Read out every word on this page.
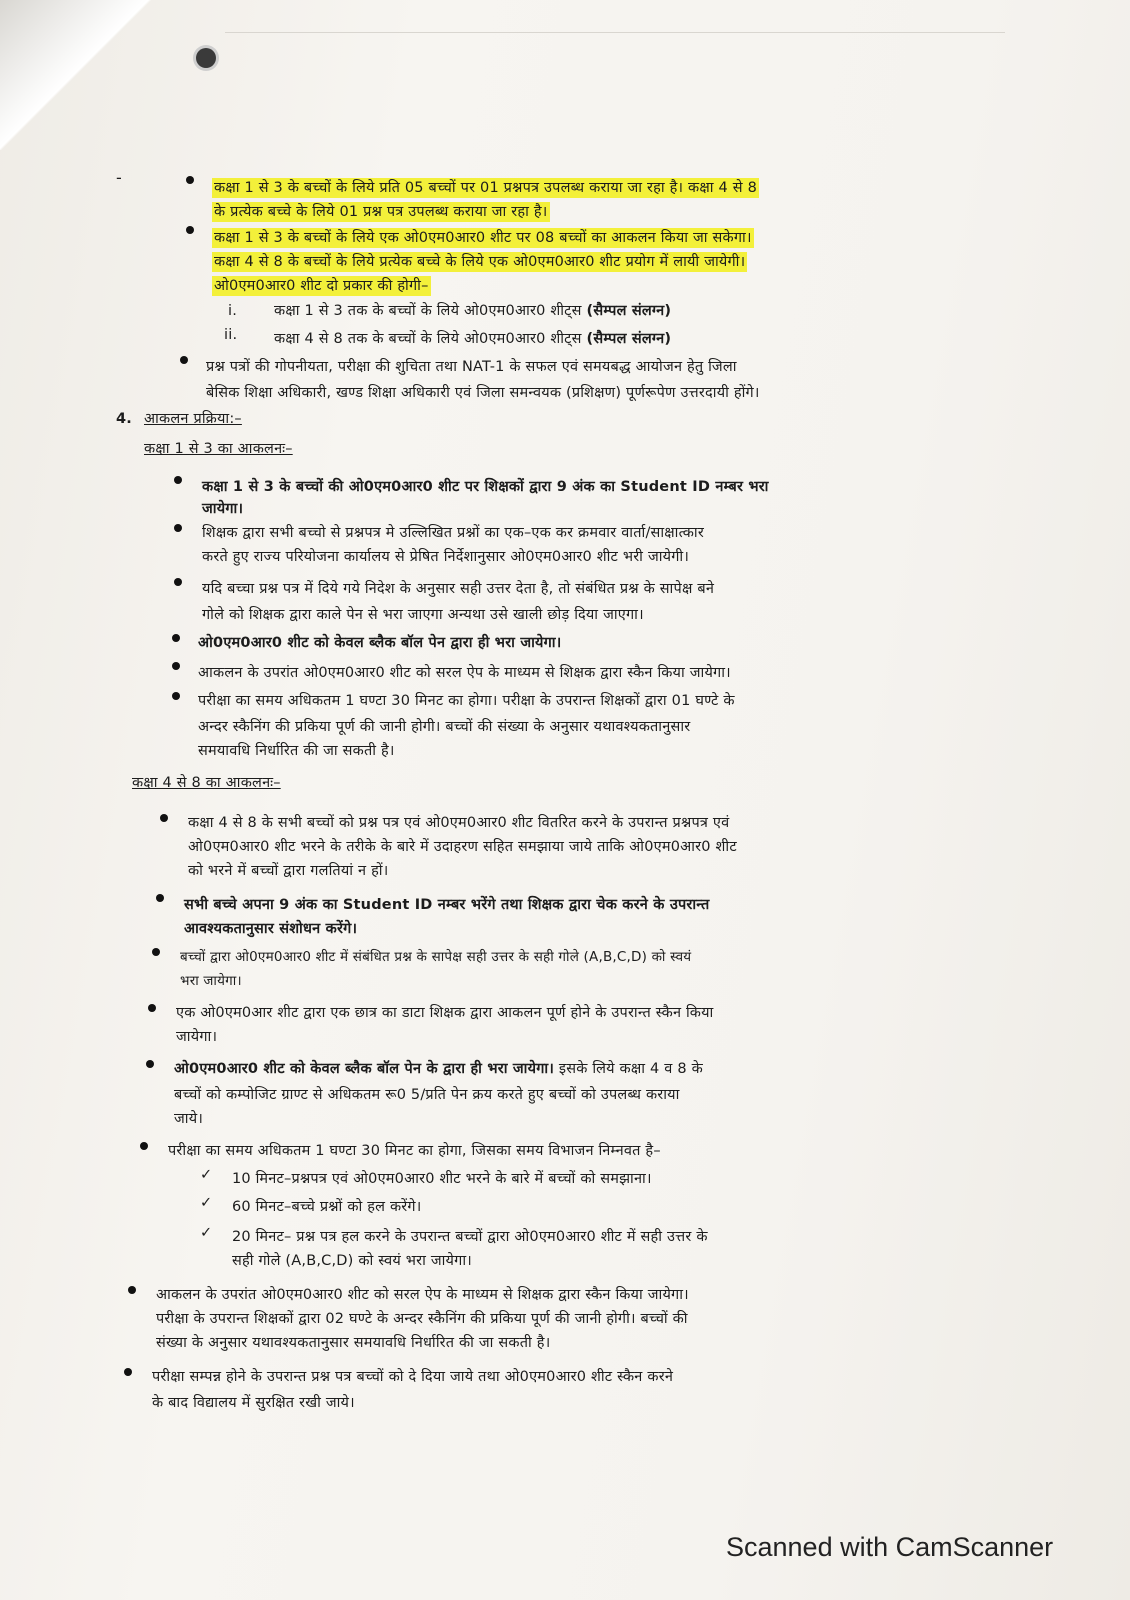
-
कक्षा 1 से 3 के बच्चों के लिये प्रति 05 बच्चों पर 01 प्रश्नपत्र उपलब्ध कराया जा रहा है। कक्षा 4 से 8
के प्रत्येक बच्चे के लिये 01 प्रश्न पत्र उपलब्ध कराया जा रहा है।
कक्षा 1 से 3 के बच्चों के लिये एक ओ0एम0आर0 शीट पर 08 बच्चों का आकलन किया जा सकेगा।
कक्षा 4 से 8 के बच्चों के लिये प्रत्येक बच्चे के लिये एक ओ0एम0आर0 शीट प्रयोग में लायी जायेगी।
ओ0एम0आर0 शीट दो प्रकार की होगी–
i.	कक्षा 1 से 3 तक के बच्चों के लिये ओ0एम0आर0 शीट्स (सैम्पल संलग्न)
ii.	कक्षा 4 से 8 तक के बच्चों के लिये ओ0एम0आर0 शीट्स (सैम्पल संलग्न)
प्रश्न पत्रों की गोपनीयता, परीक्षा की शुचिता तथा NAT-1 के सफल एवं समयबद्ध आयोजन हेतु जिला
बेसिक शिक्षा अधिकारी, खण्ड शिक्षा अधिकारी एवं जिला समन्वयक (प्रशिक्षण) पूर्णरूपेण उत्तरदायी होंगे।
4. आकलन प्रक्रिया:–
कक्षा 1 से 3 का आकलनः–
कक्षा 1 से 3 के बच्चों की ओ0एम0आर0 शीट पर शिक्षकों द्वारा 9 अंक का Student ID नम्बर भरा
जायेगा।
शिक्षक द्वारा सभी बच्चो से प्रश्नपत्र मे उल्लिखित प्रश्नों का एक–एक कर क्रमवार वार्ता/साक्षात्कार
करते हुए राज्य परियोजना कार्यालय से प्रेषित निर्देशानुसार ओ0एम0आर0 शीट भरी जायेगी।
यदि बच्चा प्रश्न पत्र में दिये गये निदेश के अनुसार सही उत्तर देता है, तो संबंधित प्रश्न के सापेक्ष बने
गोले को शिक्षक द्वारा काले पेन से भरा जाएगा अन्यथा उसे खाली छोड़ दिया जाएगा।
ओ0एम0आर0 शीट को केवल ब्लैक बॉल पेन द्वारा ही भरा जायेगा।
आकलन के उपरांत ओ0एम0आर0 शीट को सरल ऐप के माध्यम से शिक्षक द्वारा स्कैन किया जायेगा।
परीक्षा का समय अधिकतम 1 घण्टा 30 मिनट का होगा। परीक्षा के उपरान्त शिक्षकों द्वारा 01 घण्टे के
अन्दर स्कैनिंग की प्रकिया पूर्ण की जानी होगी। बच्चों की संख्या के अनुसार यथावश्यकतानुसार
समयावधि निर्धारित की जा सकती है।
कक्षा 4 से 8 का आकलनः–
कक्षा 4 से 8 के सभी बच्चों को प्रश्न पत्र एवं ओ0एम0आर0 शीट वितरित करने के उपरान्त प्रश्नपत्र एवं
ओ0एम0आर0 शीट भरने के तरीके के बारे में उदाहरण सहित समझाया जाये ताकि ओ0एम0आर0 शीट
को भरने में बच्चों द्वारा गलतियां न हों।
सभी बच्चे अपना 9 अंक का Student ID नम्बर भरेंगे तथा शिक्षक द्वारा चेक करने के उपरान्त
आवश्यकतानुसार संशोधन करेंगे।
बच्चों द्वारा ओ0एम0आर0 शीट में संबंधित प्रश्न के सापेक्ष सही उत्तर के सही गोले (A,B,C,D) को स्वयं
भरा जायेगा।
एक ओ0एम0आर शीट द्वारा एक छात्र का डाटा शिक्षक द्वारा आकलन पूर्ण होने के उपरान्त स्कैन किया
जायेगा।
ओ0एम0आर0 शीट को केवल ब्लैक बॉल पेन के द्वारा ही भरा जायेगा। इसके लिये कक्षा 4 व 8 के
बच्चों को कम्पोजिट ग्राण्ट से अधिकतम रू0 5/प्रति पेन क्रय करते हुए बच्चों को उपलब्ध कराया
जाये।
परीक्षा का समय अधिकतम 1 घण्टा 30 मिनट का होगा, जिसका समय विभाजन निम्नवत है–
✓ 10 मिनट–प्रश्नपत्र एवं ओ0एम0आर0 शीट भरने के बारे में बच्चों को समझाना।
✓ 60 मिनट–बच्चे प्रश्नों को हल करेंगे।
✓ 20 मिनट– प्रश्न पत्र हल करने के उपरान्त बच्चों द्वारा ओ0एम0आर0 शीट में सही उत्तर के
सही गोले (A,B,C,D) को स्वयं भरा जायेगा।
आकलन के उपरांत ओ0एम0आर0 शीट को सरल ऐप के माध्यम से शिक्षक द्वारा स्कैन किया जायेगा।
परीक्षा के उपरान्त शिक्षकों द्वारा 02 घण्टे के अन्दर स्कैनिंग की प्रकिया पूर्ण की जानी होगी। बच्चों की
संख्या के अनुसार यथावश्यकतानुसार समयावधि निर्धारित की जा सकती है।
परीक्षा सम्पन्न होने के उपरान्त प्रश्न पत्र बच्चों को दे दिया जाये तथा ओ0एम0आर0 शीट स्कैन करने
के बाद विद्यालय में सुरक्षित रखी जाये।
Scanned with CamScanner
